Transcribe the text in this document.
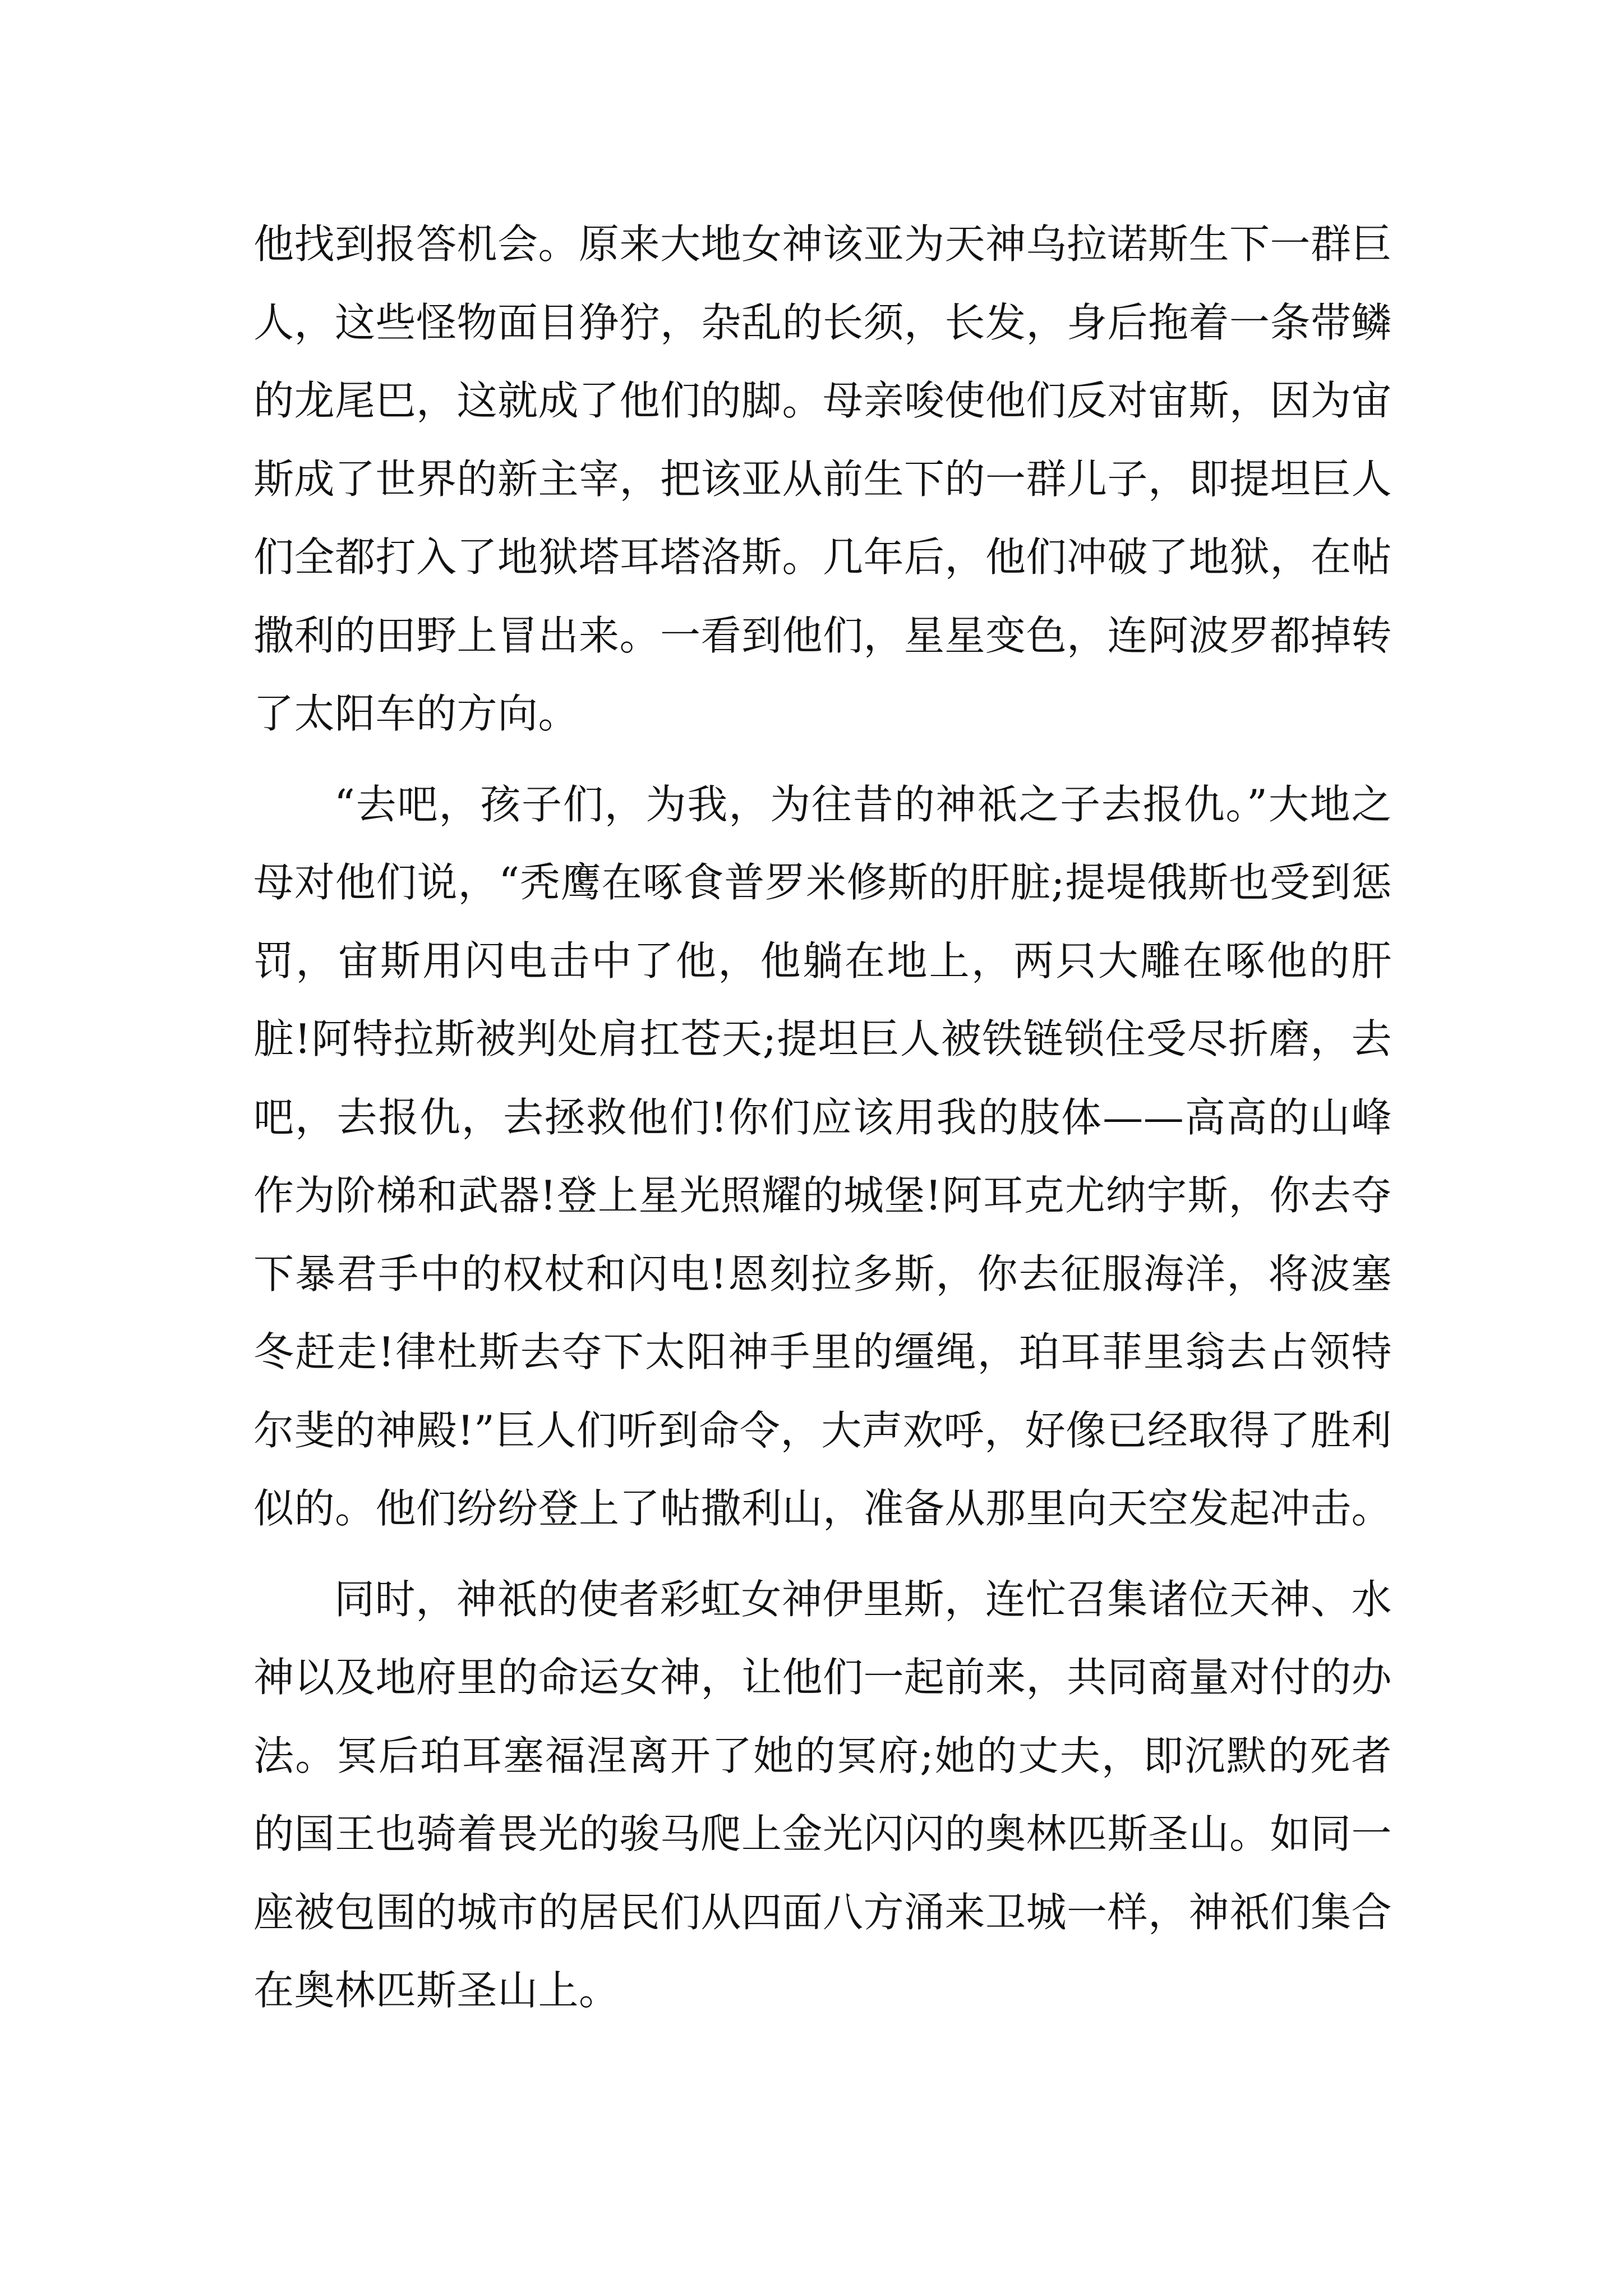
他找到报答机会。原来大地女神该亚为天神乌拉诺斯生下一群巨人，这些怪物面目狰狞，杂乱的长须，长发，身后拖着一条带鳞的龙尾巴，这就成了他们的脚。母亲唆使他们反对宙斯，因为宙斯成了世界的新主宰，把该亚从前生下的一群儿子，即提坦巨人们全都打入了地狱塔耳塔洛斯。几年后，他们冲破了地狱，在帖撒利的田野上冒出来。一看到他们，星星变色，连阿波罗都掉转了太阳车的方向。

“去吧，孩子们，为我，为往昔的神祇之子去报仇。”大地之母对他们说，“秃鹰在啄食普罗米修斯的肝脏;提堤俄斯也受到惩罚，宙斯用闪电击中了他，他躺在地上，两只大雕在啄他的肝脏!阿特拉斯被判处肩扛苍天;提坦巨人被铁链锁住受尽折磨，去吧，去报仇，去拯救他们!你们应该用我的肢体——高高的山峰作为阶梯和武器!登上星光照耀的城堡!阿耳克尤纳宇斯，你去夺下暴君手中的权杖和闪电!恩刻拉多斯，你去征服海洋，将波塞冬赶走!律杜斯去夺下太阳神手里的缰绳，珀耳菲里翁去占领特尔斐的神殿!”巨人们听到命令，大声欢呼，好像已经取得了胜利似的。他们纷纷登上了帖撒利山，准备从那里向天空发起冲击。

同时，神祇的使者彩虹女神伊里斯，连忙召集诸位天神、水神以及地府里的命运女神，让他们一起前来，共同商量对付的办法。冥后珀耳塞福涅离开了她的冥府;她的丈夫，即沉默的死者的国王也骑着畏光的骏马爬上金光闪闪的奥林匹斯圣山。如同一座被包围的城市的居民们从四面八方涌来卫城一样，神祇们集合在奥林匹斯圣山上。
